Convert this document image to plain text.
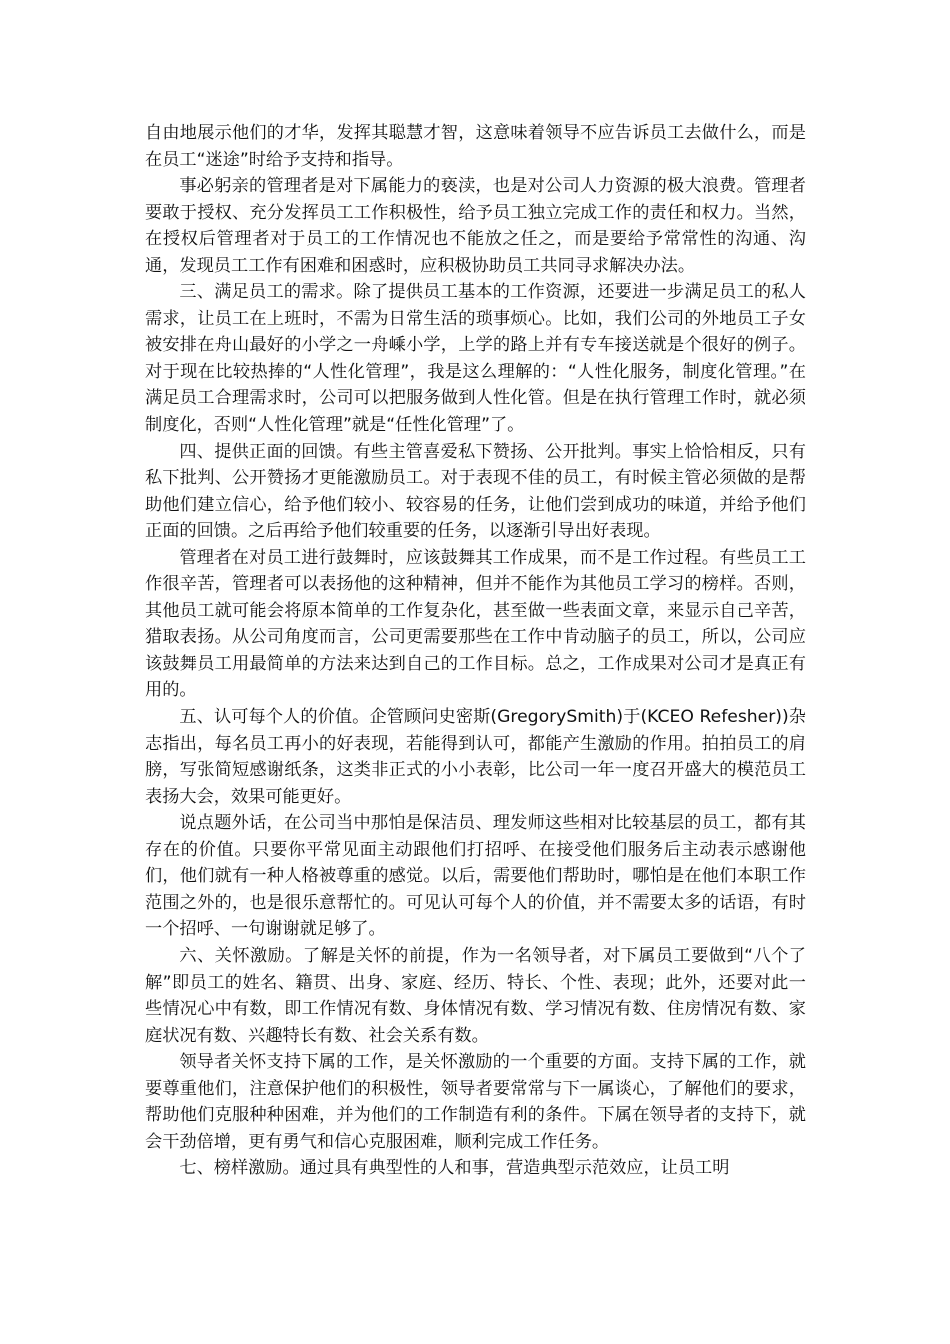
自由地展示他们的才华，发挥其聪慧才智，这意味着领导不应告诉员工去做什么，而是在员工“迷途”时给予支持和指导。

事必躬亲的管理者是对下属能力的亵渎，也是对公司人力资源的极大浪费。管理者要敢于授权、充分发挥员工工作积极性，给予员工独立完成工作的责任和权力。当然，在授权后管理者对于员工的工作情况也不能放之任之，而是要给予常常性的沟通、沟通，发现员工工作有困难和困惑时，应积极协助员工共同寻求解决办法。

三、满足员工的需求。除了提供员工基本的工作资源，还要进一步满足员工的私人需求，让员工在上班时，不需为日常生活的琐事烦心。比如，我们公司的外地员工子女被安排在舟山最好的小学之一舟嵊小学，上学的路上并有专车接送就是个很好的例子。对于现在比较热捧的“人性化管理”，我是这么理解的：“人性化服务，制度化管理。”在满足员工合理需求时，公司可以把服务做到人性化管。但是在执行管理工作时，就必须制度化，否则“人性化管理”就是“任性化管理”了。

四、提供正面的回馈。有些主管喜爱私下赞扬、公开批判。事实上恰恰相反，只有私下批判、公开赞扬才更能激励员工。对于表现不佳的员工，有时候主管必须做的是帮助他们建立信心，给予他们较小、较容易的任务，让他们尝到成功的味道，并给予他们正面的回馈。之后再给予他们较重要的任务，以逐渐引导出好表现。

管理者在对员工进行鼓舞时，应该鼓舞其工作成果，而不是工作过程。有些员工工作很辛苦，管理者可以表扬他的这种精神，但并不能作为其他员工学习的榜样。否则，其他员工就可能会将原本简单的工作复杂化，甚至做一些表面文章，来显示自己辛苦，猎取表扬。从公司角度而言，公司更需要那些在工作中肯动脑子的员工，所以，公司应该鼓舞员工用最简单的方法来达到自己的工作目标。总之，工作成果对公司才是真正有用的。

五、认可每个人的价值。企管顾问史密斯(GregorySmith)于(KCEO Refesher))杂志指出，每名员工再小的好表现，若能得到认可，都能产生激励的作用。拍拍员工的肩膀，写张简短感谢纸条，这类非正式的小小表彰，比公司一年一度召开盛大的模范员工表扬大会，效果可能更好。

说点题外话，在公司当中那怕是保洁员、理发师这些相对比较基层的员工，都有其存在的价值。只要你平常见面主动跟他们打招呼、在接受他们服务后主动表示感谢他们，他们就有一种人格被尊重的感觉。以后，需要他们帮助时，哪怕是在他们本职工作范围之外的，也是很乐意帮忙的。可见认可每个人的价值，并不需要太多的话语，有时一个招呼、一句谢谢就足够了。

六、关怀激励。了解是关怀的前提，作为一名领导者，对下属员工要做到“八个了解”即员工的姓名、籍贯、出身、家庭、经历、特长、个性、表现；此外，还要对此一些情况心中有数，即工作情况有数、身体情况有数、学习情况有数、住房情况有数、家庭状况有数、兴趣特长有数、社会关系有数。

领导者关怀支持下属的工作，是关怀激励的一个重要的方面。支持下属的工作，就要尊重他们，注意保护他们的积极性，领导者要常常与下一属谈心，了解他们的要求，帮助他们克服种种困难，并为他们的工作制造有利的条件。下属在领导者的支持下，就会干劲倍增，更有勇气和信心克服困难，顺利完成工作任务。

七、榜样激励。通过具有典型性的人和事，营造典型示范效应，让员工明
